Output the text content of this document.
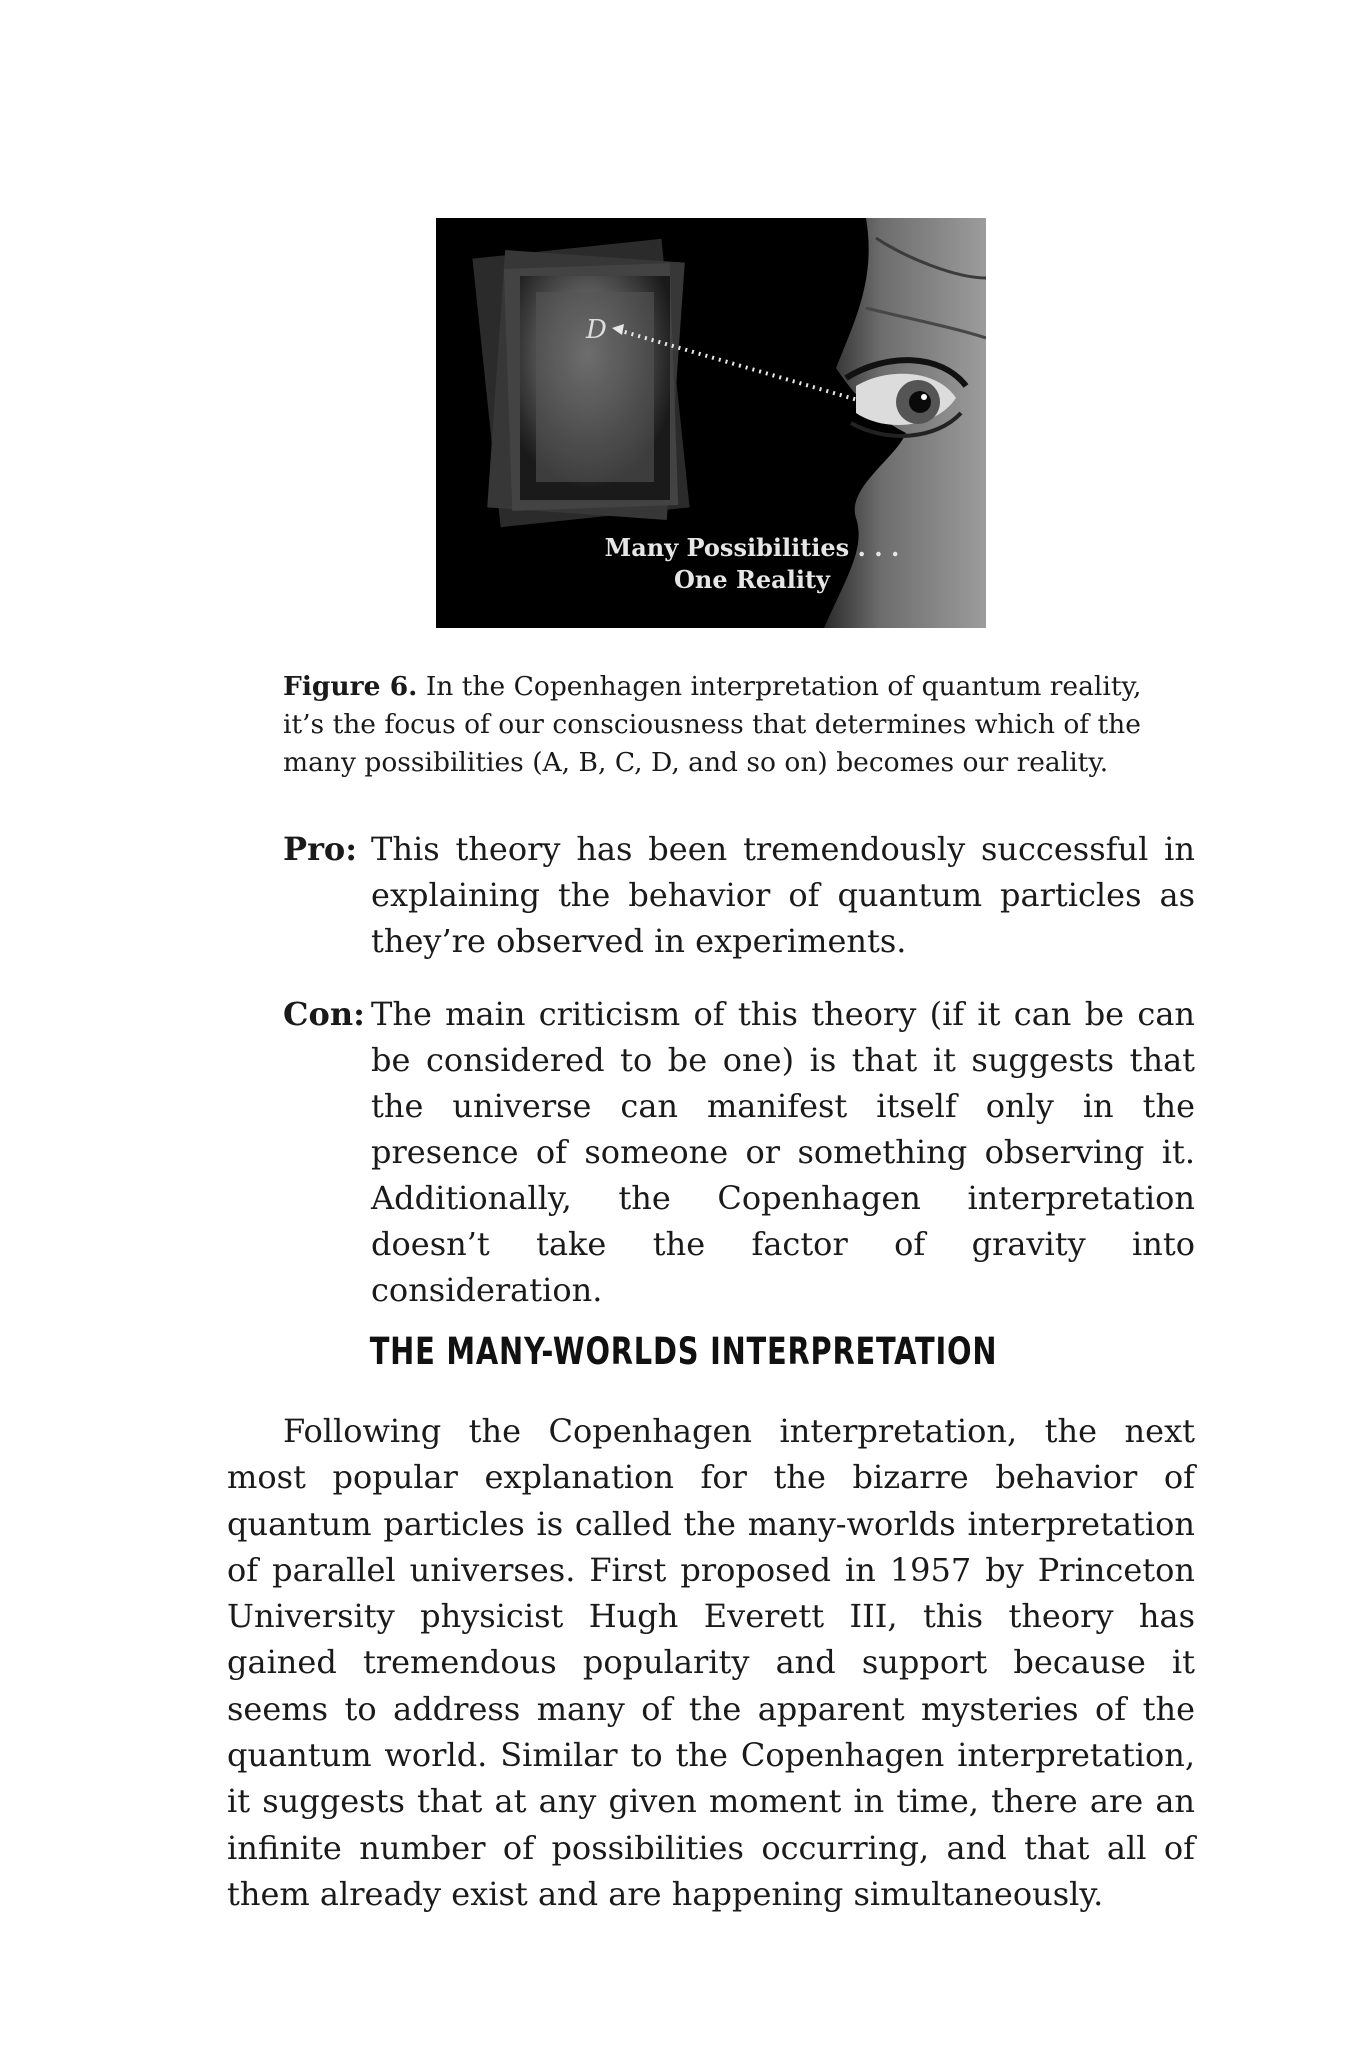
D
Many Possibilities . . .
One Reality
Figure 6. In the Copenhagen interpretation of quantum reality, it’s the focus of our consciousness that determines which of the many possibilities (A, B, C, D, and so on) becomes our reality.
Pro: This theory has been tremendously successful in explaining the behavior of quantum particles as they’re observed in experiments.
Con: The main criticism of this theory (if it can be can be considered to be one) is that it suggests that the universe can manifest itself only in the presence of someone or something observing it. Additionally, the Copenhagen interpretation doesn’t take the factor of gravity into consideration.
THE MANY-WORLDS INTERPRETATION

Following the Copenhagen interpretation, the next most popular explanation for the bizarre behavior of quantum particles is called the many-worlds interpretation of parallel universes. First proposed in 1957 by Princeton University physicist Hugh Everett III, this theory has gained tremendous popularity and support because it seems to address many of the apparent mysteries of the quantum world. Similar to the Copenhagen interpretation, it suggests that at any given moment in time, there are an infinite number of possibilities occurring, and that all of them already exist and are happening simultaneously.
